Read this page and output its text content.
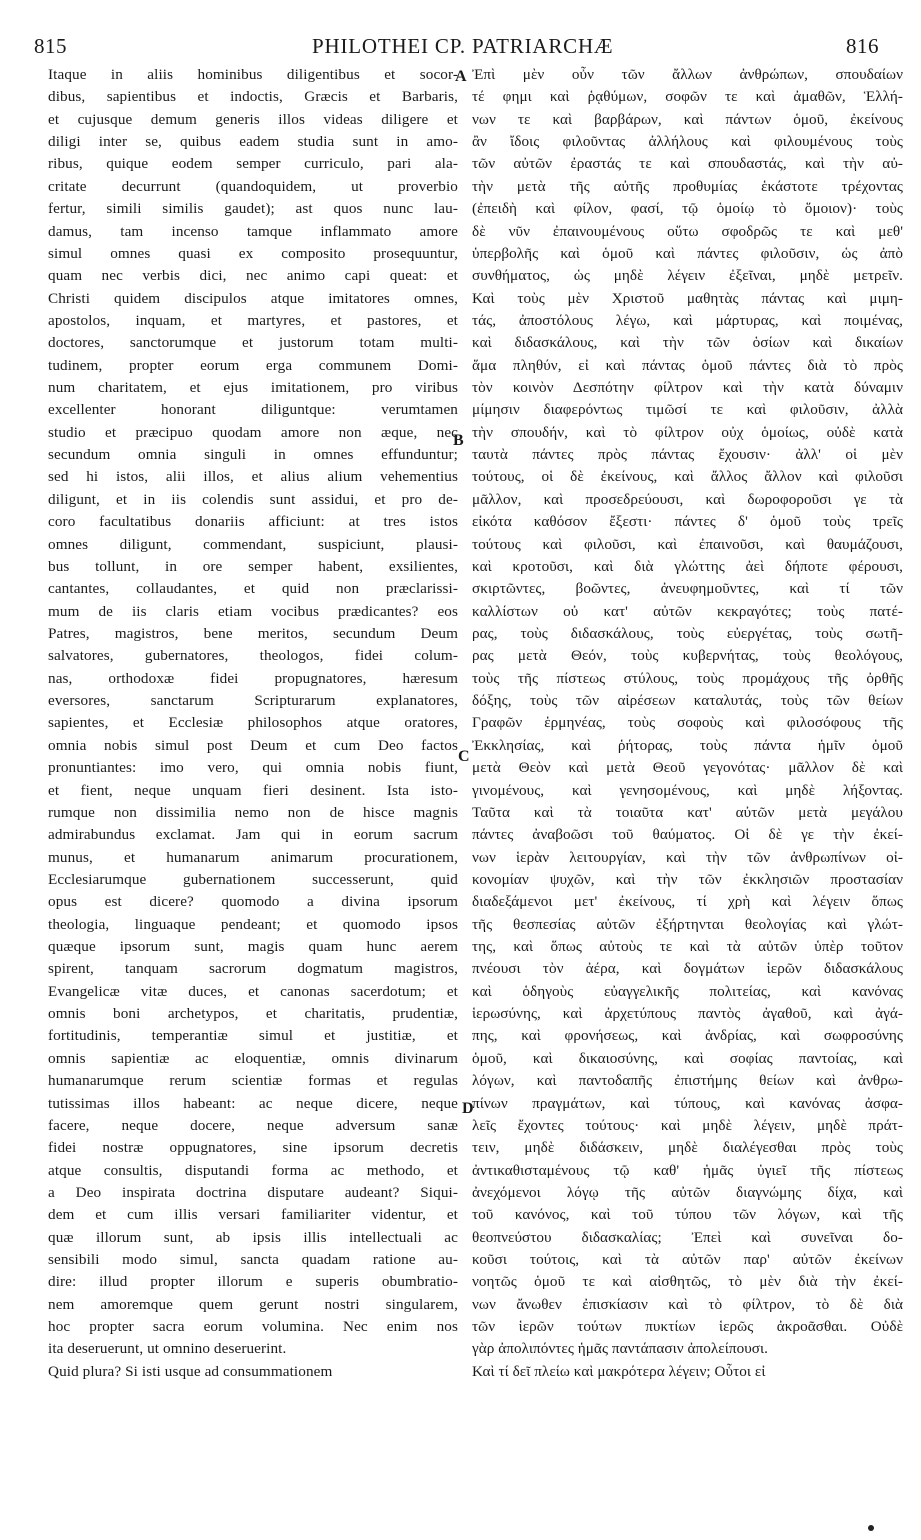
815	PHILOTHEI CP. PATRIARCHÆ	816
Itaque in aliis hominibus diligentibus et socor-
dibus, sapientibus et indoctis, Græcis et Barbaris,
et cujusque demum generis illos videas diligere et
diligi inter se, quibus eadem studia sunt in amo-
ribus, quique eodem semper curriculo, pari ala-
critate decurrunt (quandoquidem, ut proverbio
fertur, simili similis gaudet); ast quos nunc lau-
damus, tam incenso tamque inflammato amore
simul omnes quasi ex composito prosequuntur,
quam nec verbis dici, nec animo capi queat: et
Christi quidem discipulos atque imitatores omnes,
apostolos, inquam, et martyres, et pastores, et
doctores, sanctorumque et justorum totam multi-
tudinem, propter eorum erga communem Domi-
num charitatem, et ejus imitationem, pro viribus
excellenter honorant diliguntque: verumtamen
studio et præcipuo quodam amore non æque, nec
secundum omnia singuli in omnes effunduntur;
sed hi istos, alii illos, et alius alium vehementius
diligunt, et in iis colendis sunt assidui, et pro de-
coro facultatibus donariis afficiunt: at tres istos
omnes diligunt, commendant, suspiciunt, plausi-
bus tollunt, in ore semper habent, exsilientes,
cantantes, collaudantes, et quid non præclarissi-
mum de iis claris etiam vocibus prædicantes? eos
Patres, magistros, bene meritos, secundum Deum
salvatores, gubernatores, theologos, fidei colum-
nas, orthodoxæ fidei propugnatores, hæresum
eversores, sanctarum Scripturarum explanatores,
sapientes, et Ecclesiæ philosophos atque oratores,
omnia nobis simul post Deum et cum Deo factos
pronuntiantes: imo vero, qui omnia nobis fiunt,
et fient, neque unquam fieri desinent. Ista isto-
rumque non dissimilia nemo non de hisce magnis
admirabundus exclamat. Jam qui in eorum sacrum
munus, et humanarum animarum procurationem,
Ecclesiarumque gubernationem successerunt, quid
opus est dicere? quomodo a divina ipsorum
theologia, linguaque pendeant; et quomodo ipsos
quæque ipsorum sunt, magis quam hunc aerem
spirent, tanquam sacrorum dogmatum magistros,
Evangelicæ vitæ duces, et canonas sacerdotum; et
omnis boni archetypos, et charitatis, prudentiæ,
fortitudinis, temperantiæ simul et justitiæ, et
omnis sapientiæ ac eloquentiæ, omnis divinarum
humanarumque rerum scientiæ formas et regulas
tutissimas illos habeant: ac neque dicere, neque
facere, neque docere, neque adversum sanæ
fidei nostræ oppugnatores, sine ipsorum decretis
atque consultis, disputandi forma ac methodo, et
a Deo inspirata doctrina disputare audeant? Siqui-
dem et cum illis versari familiariter videntur, et
quæ illorum sunt, ab ipsis illis intellectuali ac
sensibili modo simul, sancta quadam ratione au-
dire: illud propter illorum e superis obumbratio-
nem amoremque quem gerunt nostri singularem,
hoc propter sacra eorum volumina. Nec enim nos
ita deseruerunt, ut omnino deseruerint.
Quid plura? Si isti usque ad consummationem
Ἐπὶ μὲν οὖν τῶν ἄλλων ἀνθρώπων, σπουδαίων
τέ φημι καὶ ῥᾳθύμων, σοφῶν τε καὶ ἀμαθῶν, Ἑλλή-
νων τε καὶ βαρβάρων, καὶ πάντων ὁμοῦ, ἐκείνους
ἂν ἴδοις φιλοῦντας ἀλλήλους καὶ φιλουμένους τοὺς
τῶν αὐτῶν ἐραστάς τε καὶ σπουδαστάς, καὶ τὴν αὐ-
τὴν μετὰ τῆς αὐτῆς προθυμίας ἑκάστοτε τρέχοντας
(ἐπειδὴ καὶ φίλον, φασί, τῷ ὁμοίῳ τὸ ὅμοιον)· τοὺς
δὲ νῦν ἐπαινουμένους οὕτω σφοδρῶς τε καὶ μεθ'
ὑπερβολῆς καὶ ὁμοῦ καὶ πάντες φιλοῦσιν, ὡς ἀπὸ
συνθήματος, ὡς μηδὲ λέγειν ἐξεῖναι, μηδὲ μετρεῖν.
Καὶ τοὺς μὲν Χριστοῦ μαθητὰς πάντας καὶ μιμη-
τάς, ἀποστόλους λέγω, καὶ μάρτυρας, καὶ ποιμένας,
καὶ διδασκάλους, καὶ τὴν τῶν ὁσίων καὶ δικαίων
ἅμα πληθύν, εἰ καὶ πάντας ὁμοῦ πάντες διὰ τὸ πρὸς
τὸν κοινὸν Δεσπότην φίλτρον καὶ τὴν κατὰ δύναμιν
μίμησιν διαφερόντως τιμῶσί τε καὶ φιλοῦσιν, ἀλλὰ
τὴν σπουδήν, καὶ τὸ φίλτρον οὐχ ὁμοίως, οὐδὲ κατὰ
ταυτὰ πάντες πρὸς πάντας ἔχουσιν· ἀλλ' οἱ μὲν
τούτους, οἱ δὲ ἐκείνους, καὶ ἄλλος ἄλλον καὶ φιλοῦσι
μᾶλλον, καὶ προσεδρεύουσι, καὶ δωροφοροῦσι γε τὰ
εἰκότα καθόσον ἔξεστι· πάντες δ' ὁμοῦ τοὺς τρεῖς
τούτους καὶ φιλοῦσι, καὶ ἐπαινοῦσι, καὶ θαυμάζουσι,
καὶ κροτοῦσι, καὶ διὰ γλώττης ἀεὶ δήποτε φέρουσι,
σκιρτῶντες, βοῶντες, ἀνευφημοῦντες, καὶ τί τῶν
καλλίστων οὐ κατ' αὐτῶν κεκραγότες; τοὺς πατέ-
ρας, τοὺς διδασκάλους, τοὺς εὐεργέτας, τοὺς σωτῆ-
ρας μετὰ Θεόν, τοὺς κυβερνήτας, τοὺς θεολόγους,
τοὺς τῆς πίστεως στύλους, τοὺς προμάχους τῆς ὀρθῆς
δόξης, τοὺς τῶν αἱρέσεων καταλυτάς, τοὺς τῶν θείων
Γραφῶν ἑρμηνέας, τοὺς σοφοὺς καὶ φιλοσόφους τῆς
Ἐκκλησίας, καὶ ῥήτορας, τοὺς πάντα ἡμῖν ὁμοῦ
μετὰ Θεὸν καὶ μετὰ Θεοῦ γεγονότας· μᾶλλον δὲ καὶ
γινομένους, καὶ γενησομένους, καὶ μηδὲ λήξοντας.
Ταῦτα καὶ τὰ τοιαῦτα κατ' αὐτῶν μετὰ μεγάλου
πάντες ἀναβοῶσι τοῦ θαύματος. Οἱ δὲ γε τὴν ἐκεί-
νων ἱερὰν λειτουργίαν, καὶ τὴν τῶν ἀνθρωπίνων οἰ-
κονομίαν ψυχῶν, καὶ τὴν τῶν ἐκκλησιῶν προστασίαν
διαδεξάμενοι μετ' ἐκείνους, τί χρὴ καὶ λέγειν ὅπως
τῆς θεσπεσίας αὐτῶν ἐξήρτηνται θεολογίας καὶ γλώτ-
της, καὶ ὅπως αὐτοὺς τε καὶ τὰ αὐτῶν ὑπὲρ τοῦτον
πνέουσι τὸν ἀέρα, καὶ δογμάτων ἱερῶν διδασκάλους
καὶ ὁδηγοὺς εὐαγγελικῆς πολιτείας, καὶ κανόνας
ἱερωσύνης, καὶ ἀρχετύπους παντὸς ἀγαθοῦ, καὶ ἀγά-
πης, καὶ φρονήσεως, καὶ ἀνδρίας, καὶ σωφροσύνης
ὁμοῦ, καὶ δικαιοσύνης, καὶ σοφίας παντοίας, καὶ
λόγων, καὶ παντοδαπῆς ἐπιστήμης θείων καὶ ἀνθρω-
πίνων πραγμάτων, καὶ τύπους, καὶ κανόνας ἀσφα-
λεῖς ἔχοντες τούτους· καὶ μηδὲ λέγειν, μηδὲ πράτ-
τειν, μηδὲ διδάσκειν, μηδὲ διαλέγεσθαι πρὸς τοὺς
ἀντικαθισταμένους τῷ καθ' ἡμᾶς ὑγιεῖ τῆς πίστεως
ἀνεχόμενοι λόγῳ τῆς αὐτῶν διαγνώμης δίχα, καὶ
τοῦ κανόνος, καὶ τοῦ τύπου τῶν λόγων, καὶ τῆς
θεοπνεύστου διδασκαλίας; Ἐπεὶ καὶ συνεῖναι δο-
κοῦσι τούτοις, καὶ τὰ αὐτῶν παρ' αὐτῶν ἐκείνων
νοητῶς ὁμοῦ τε καὶ αἰσθητῶς, τὸ μὲν διὰ τὴν ἐκεί-
νων ἄνωθεν ἐπισκίασιν καὶ τὸ φίλτρον, τὸ δὲ διὰ
τῶν ἱερῶν τούτων πυκτίων ἱερῶς ἀκροᾶσθαι. Οὐδὲ
γὰρ ἀπολιπόντες ἡμᾶς παντάπασιν ἀπολείπουσι.
Καὶ τί δεῖ πλείω καὶ μακρότερα λέγειν; Οὗτοι εἰ
A
B
C
D
